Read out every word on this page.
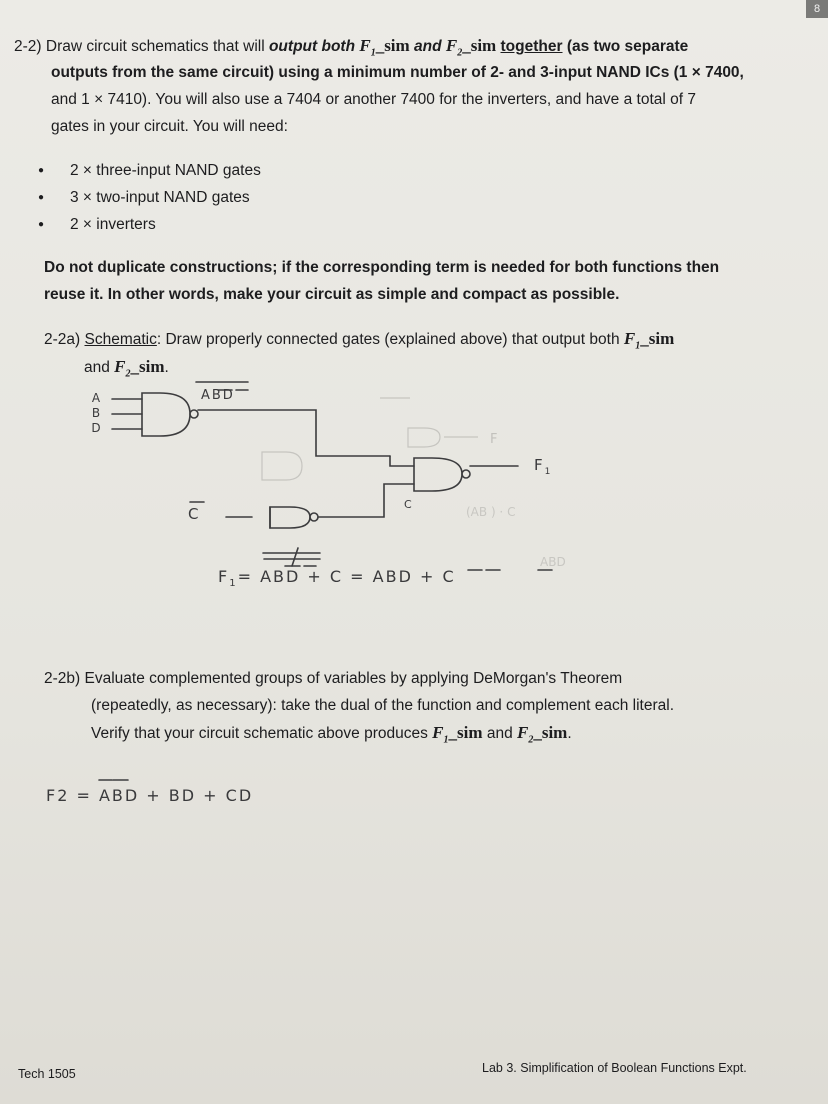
8
2-2) Draw circuit schematics that will output both $F_1\_sim$ and $F_2\_sim$ together (as two separate
outputs from the same circuit) using a minimum number of 2- and 3-input NAND ICs (1 × 7400,
and 1 × 7410). You will also use a 7404 or another 7400 for the inverters, and have a total of 7
gates in your circuit. You will need:
● 2 × three-input NAND gates
● 3 × two-input NAND gates
● 2 × inverters
Do not duplicate constructions; if the corresponding term is needed for both functions then
reuse it. In other words, make your circuit as simple and compact as possible.
2-2a) Schematic: Draw properly connected gates (explained above) that output both $F_1\_sim$
and $F_2\_sim$.
F
(AB ) · C
ABD
A
B
D
ABD
C
C
$F_1$
$F_1=$ ABD + C = ABD + C
2-2b) Evaluate complemented groups of variables by applying DeMorgan's Theorem
(repeatedly, as necessary): take the dual of the function and complement each literal.
Verify that your circuit schematic above produces $F_1\_sim$ and $F_2\_sim$.
F2 = ABD + BD + CD
Tech 1505	Lab 3. Simplification of Boolean Functions Expt.
